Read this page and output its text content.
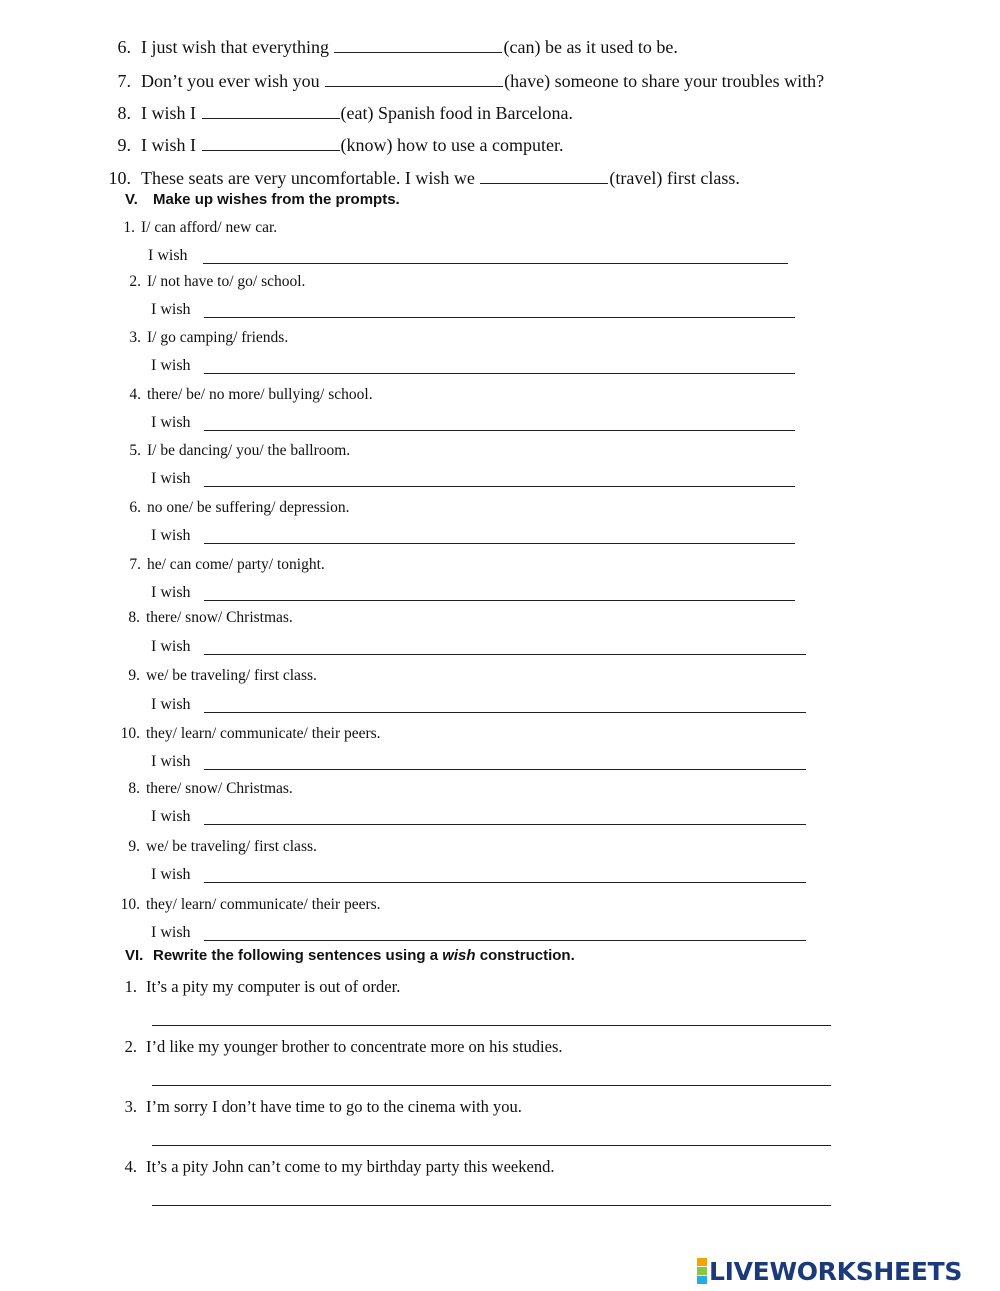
6. I just wish that everything	(can) be as it used to be.
7. Don’t you ever wish you	(have) someone to share your troubles with?
8. I wish I	(eat) Spanish food in Barcelona.
9. I wish I	(know) how to use a computer.
10. These seats are very uncomfortable. I wish we	(travel) first class.
V. Make up wishes from the prompts.
1. I/ can afford/ new car.
I wish
2. I/ not have to/ go/ school.
I wish
3. I/ go camping/ friends.
I wish
4. there/ be/ no more/ bullying/ school.
I wish
5. I/ be dancing/ you/ the ballroom.
I wish
6. no one/ be suffering/ depression.
I wish
7. he/ can come/ party/ tonight.
I wish
8. there/ snow/ Christmas.
I wish
9. we/ be traveling/ first class.
I wish
10. they/ learn/ communicate/ their peers.
I wish
8. there/ snow/ Christmas.
I wish
9. we/ be traveling/ first class.
I wish
10. they/ learn/ communicate/ their peers.
I wish
VI. Rewrite the following sentences using a wish construction.
1. It’s a pity my computer is out of order.
2. I’d like my younger brother to concentrate more on his studies.
3. I’m sorry I don’t have time to go to the cinema with you.
4. It’s a pity John can’t come to my birthday party this weekend.
LIVEWORKSHEETS
